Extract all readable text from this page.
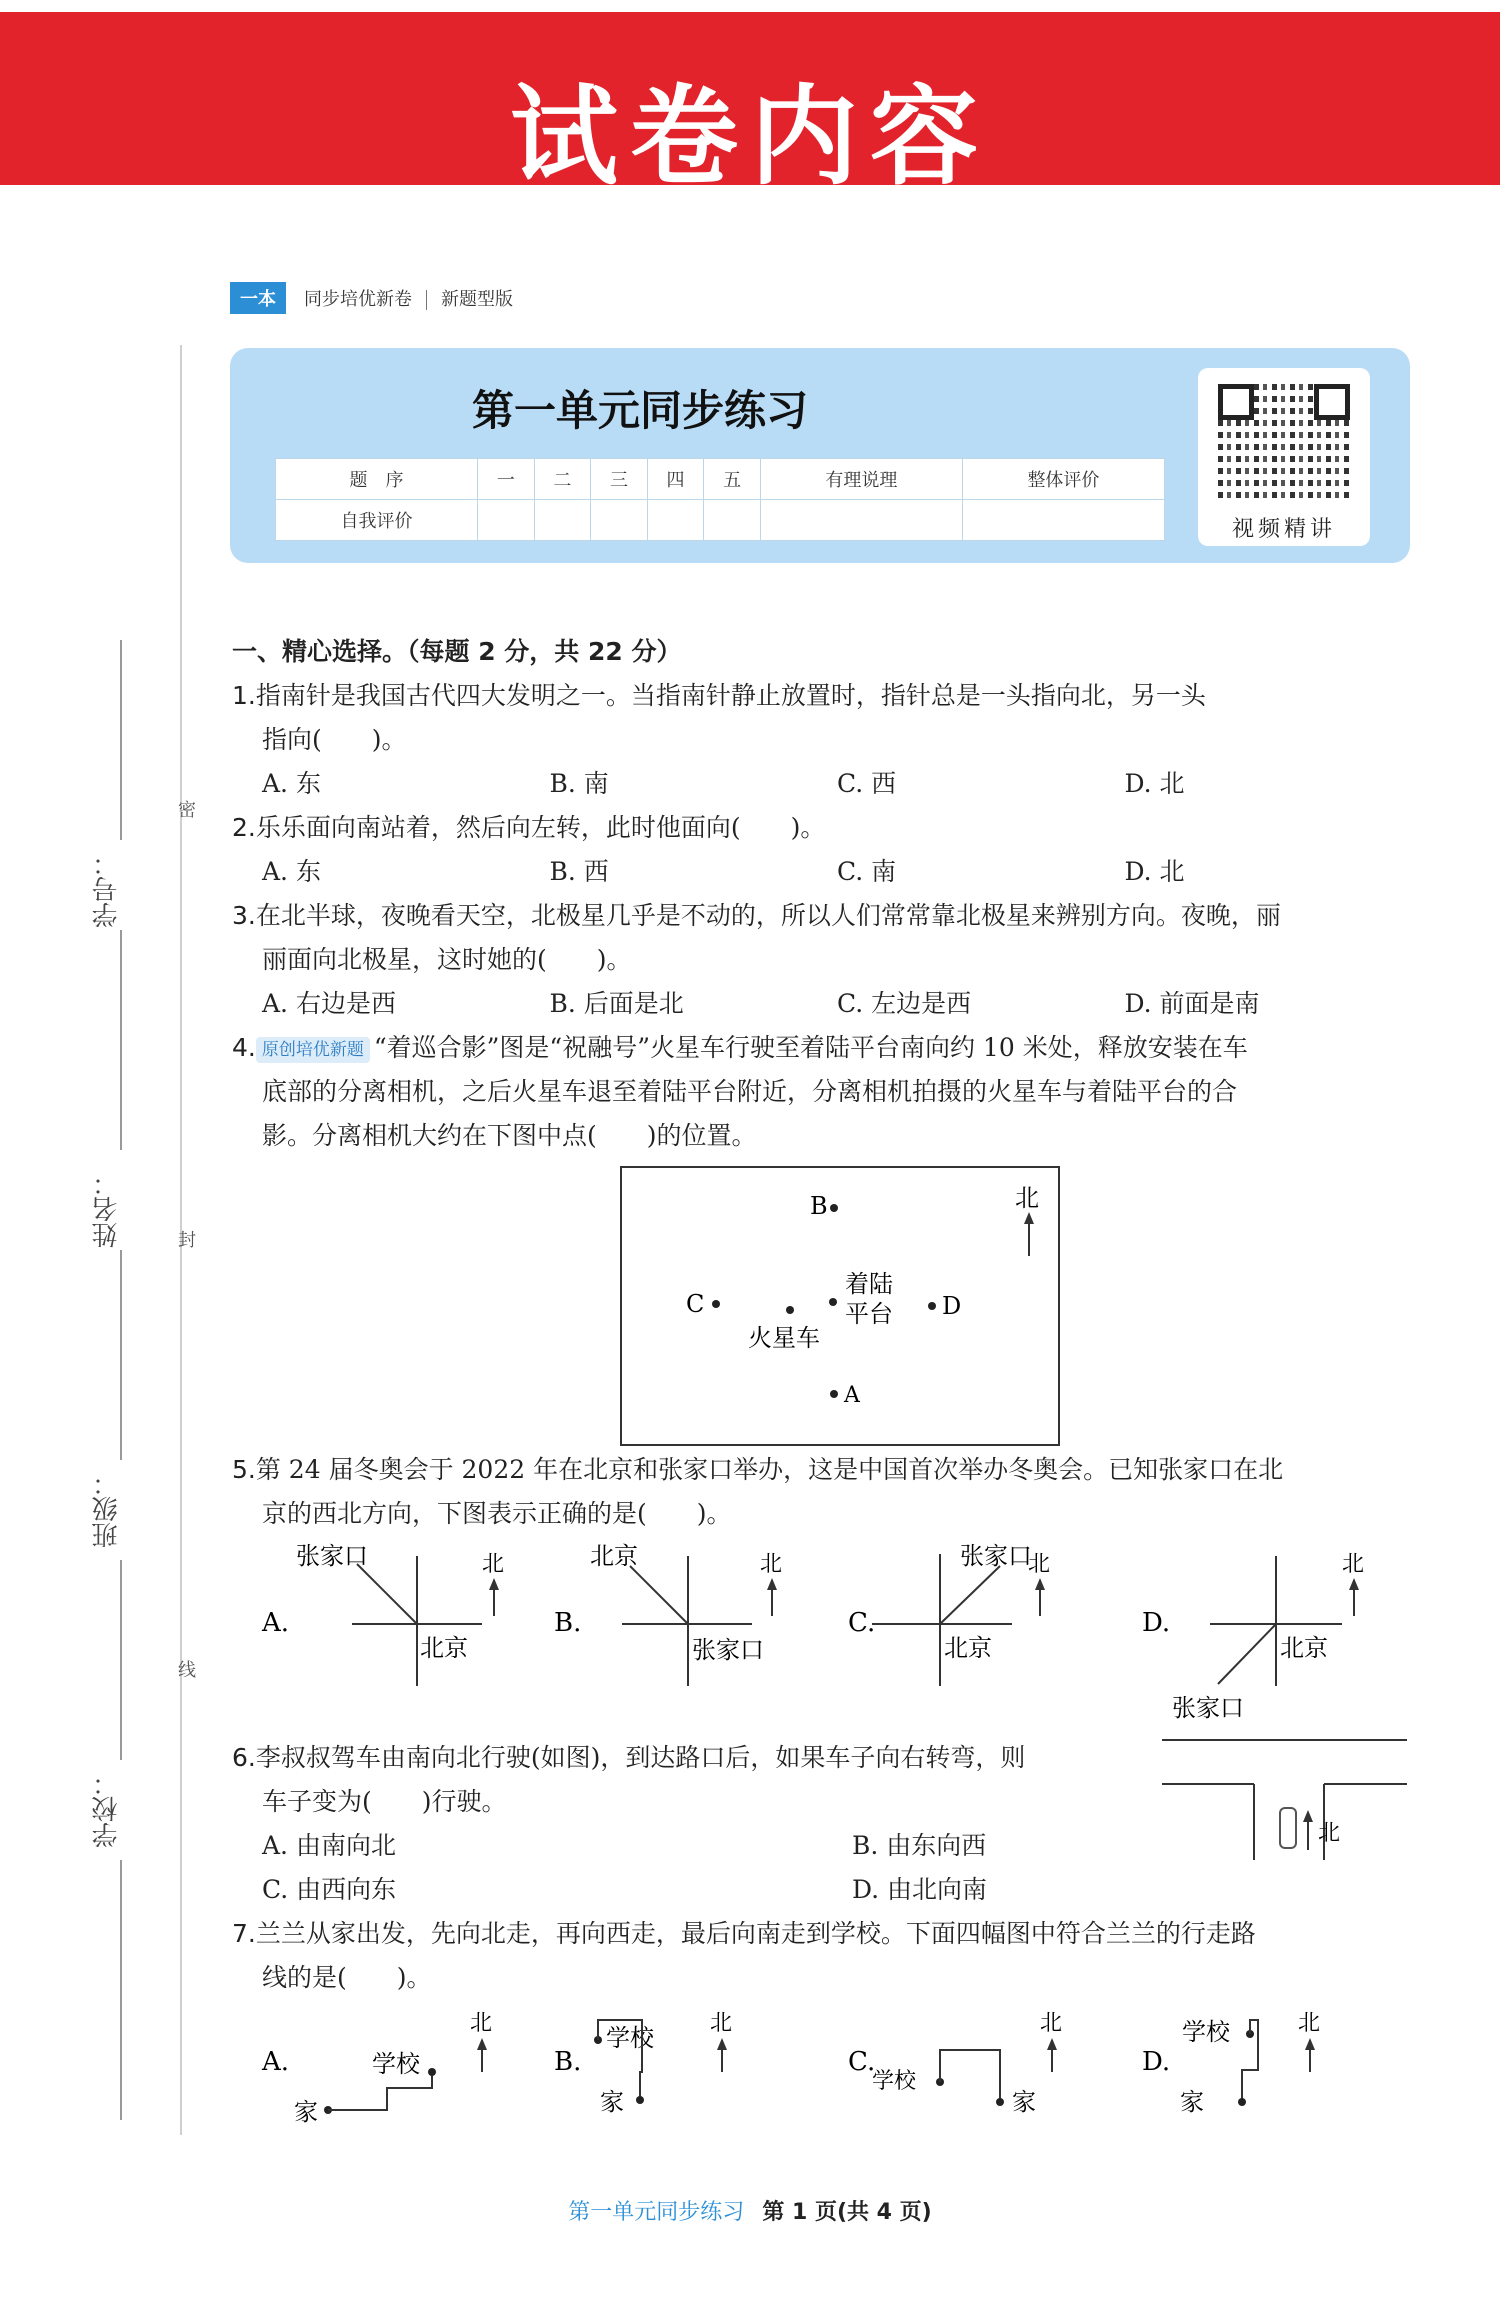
试卷内容
一本 同步培优新卷 新题型版
学号：
姓名：
班级：
学校：
密
封
线
第一单元同步练习
题　序	一	二	三	四	五	有理说理	整体评价
自我评价								视频精讲
一、精心选择。（每题 2 分，共 22 分）
1.指南针是我国古代四大发明之一。当指南针静止放置时，指针总是一头指向北，另一头
指向(　　)。
A. 东	B. 南	C. 西	D. 北
2.乐乐面向南站着，然后向左转，此时他面向(　　)。
A. 东	B. 西	C. 南	D. 北
3.在北半球，夜晚看天空，北极星几乎是不动的，所以人们常常靠北极星来辨别方向。夜晚，丽
丽面向北极星，这时她的(　　)。
A. 右边是西	B. 后面是北	C. 左边是西	D. 前面是南
4. 原创培优新题 “着巡合影”图是“祝融号”火星车行驶至着陆平台南向约 10 米处，释放安装在车
底部的分离相机，之后火星车退至着陆平台附近，分离相机拍摄的火星车与着陆平台的合
影。分离相机大约在下图中点(　　)的位置。
北
B
C
着陆
平台 D
火星车
A
5.第 24 届冬奥会于 2022 年在北京和张家口举办，这是中国首次举办冬奥会。已知张家口在北
京的西北方向，下图表示正确的是(　　)。
A.
张家口
北京
北
B.
北京
张家口
北
C.
张家口
北京
北
D.
北京
张家口
北
6.李叔叔驾车由南向北行驶(如图)，到达路口后，如果车子向右转弯，则
车子变为(　　)行驶。
A. 由南向北	B. 由东向西
C. 由西向东	D. 由北向南
北
7.兰兰从家出发，先向北走，再向西走，最后向南走到学校。下面四幅图中符合兰兰的行走路
线的是(　　)。
A.
家
学校
北
B.
学校
家
北
C.
学校
家
北
D.
学校
家
北
第一单元同步练习 第 1 页(共 4 页)
